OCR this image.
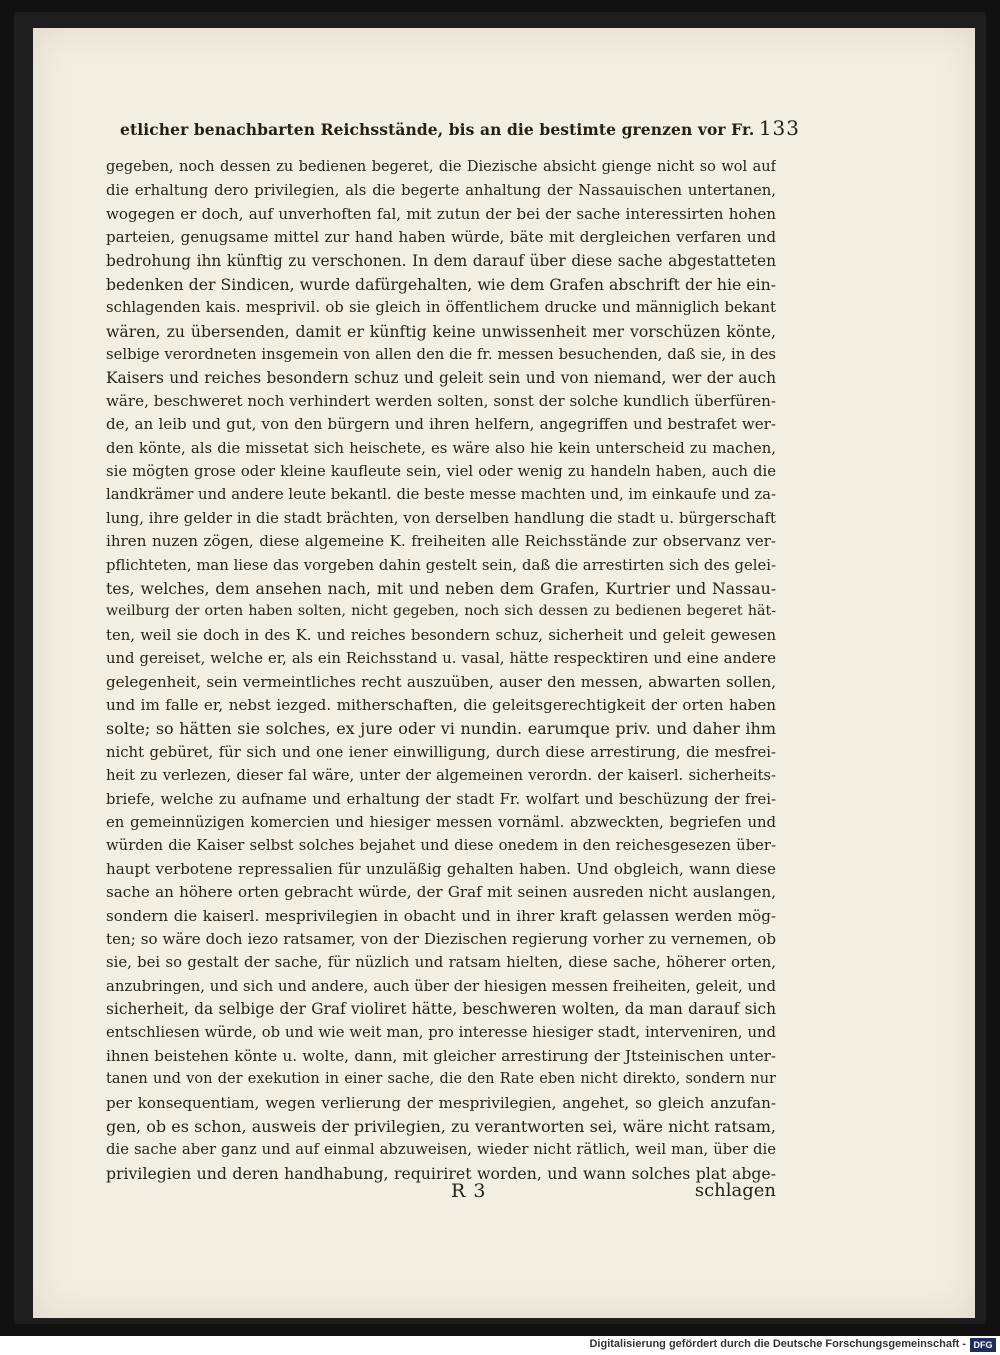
etlicher benachbarten Reichsstände, bis an die bestimte grenzen vor Fr. 133
gegeben, noch dessen zu bedienen begeret, die Diezische absicht gienge nicht so wol auf
die erhaltung dero privilegien, als die begerte anhaltung der Nassauischen untertanen,
wogegen er doch, auf unverhoften fal, mit zutun der bei der sache interessirten hohen
parteien, genugsame mittel zur hand haben würde, bäte mit dergleichen verfaren und
bedrohung ihn künftig zu verschonen. In dem darauf über diese sache abgestatteten
bedenken der Sindicen, wurde dafürgehalten, wie dem Grafen abschrift der hie ein-
schlagenden kais. mesprivil. ob sie gleich in öffentlichem drucke und männiglich bekant
wären, zu übersenden, damit er künftig keine unwissenheit mer vorschüzen könte,
selbige verordneten insgemein von allen den die fr. messen besuchenden, daß sie, in des
Kaisers und reiches besondern schuz und geleit sein und von niemand, wer der auch
wäre, beschweret noch verhindert werden solten, sonst der solche kundlich überfüren-
de, an leib und gut, von den bürgern und ihren helfern, angegriffen und bestrafet wer-
den könte, als die missetat sich heischete, es wäre also hie kein unterscheid zu machen,
sie mögten grose oder kleine kaufleute sein, viel oder wenig zu handeln haben, auch die
landkrämer und andere leute bekantl. die beste messe machten und, im einkaufe und za-
lung, ihre gelder in die stadt brächten, von derselben handlung die stadt u. bürgerschaft
ihren nuzen zögen, diese algemeine K. freiheiten alle Reichsstände zur observanz ver-
pflichteten, man liese das vorgeben dahin gestelt sein, daß die arrestirten sich des gelei-
tes, welches, dem ansehen nach, mit und neben dem Grafen, Kurtrier und Nassau-
weilburg der orten haben solten, nicht gegeben, noch sich dessen zu bedienen begeret hät-
ten, weil sie doch in des K. und reiches besondern schuz, sicherheit und geleit gewesen
und gereiset, welche er, als ein Reichsstand u. vasal, hätte respecktiren und eine andere
gelegenheit, sein vermeintliches recht auszuüben, auser den messen, abwarten sollen,
und im falle er, nebst iezged. mitherschaften, die geleitsgerechtigkeit der orten haben
solte; so hätten sie solches, ex jure oder vi nundin. earumque priv. und daher ihm
nicht gebüret, für sich und one iener einwilligung, durch diese arrestirung, die mesfrei-
heit zu verlezen, dieser fal wäre, unter der algemeinen verordn. der kaiserl. sicherheits-
briefe, welche zu aufname und erhaltung der stadt Fr. wolfart und beschüzung der frei-
en gemeinnüzigen komercien und hiesiger messen vornäml. abzweckten, begriefen und
würden die Kaiser selbst solches bejahet und diese onedem in den reichesgesezen über-
haupt verbotene repressalien für unzuläßig gehalten haben. Und obgleich, wann diese
sache an höhere orten gebracht würde, der Graf mit seinen ausreden nicht auslangen,
sondern die kaiserl. mesprivilegien in obacht und in ihrer kraft gelassen werden mög-
ten; so wäre doch iezo ratsamer, von der Diezischen regierung vorher zu vernemen, ob
sie, bei so gestalt der sache, für nüzlich und ratsam hielten, diese sache, höherer orten,
anzubringen, und sich und andere, auch über der hiesigen messen freiheiten, geleit, und
sicherheit, da selbige der Graf violiret hätte, beschweren wolten, da man darauf sich
entschliesen würde, ob und wie weit man, pro interesse hiesiger stadt, interveniren, und
ihnen beistehen könte u. wolte, dann, mit gleicher arrestirung der Jtsteinischen unter-
tanen und von der exekution in einer sache, die den Rate eben nicht direkto, sondern nur
per konsequentiam, wegen verlierung der mesprivilegien, angehet, so gleich anzufan-
gen, ob es schon, ausweis der privilegien, zu verantworten sei, wäre nicht ratsam,
die sache aber ganz und auf einmal abzuweisen, wieder nicht rätlich, weil man, über die
privilegien und deren handhabung, requiriret worden, und wann solches plat abge-
R 3	schlagen
Digitalisierung gefördert durch die Deutsche Forschungsgemeinschaft - DFG
